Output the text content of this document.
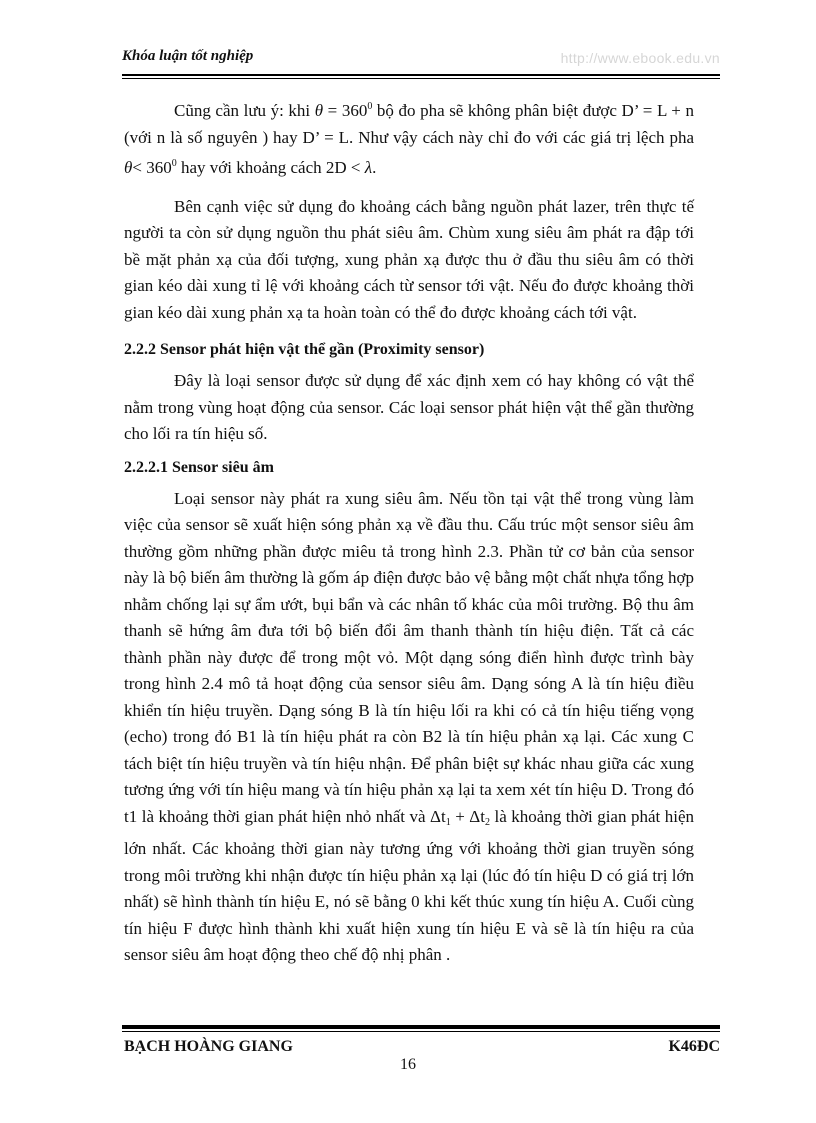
Khóa luận tốt nghiệp	http://www.ebook.edu.vn

Cũng cần lưu ý: khi $\theta = 360^0$ bộ đo pha sẽ không phân biệt được D’ = L + n (với n là số nguyên ) hay D’ = L. Như vậy cách này chỉ đo với các giá trị lệch pha $\theta< 360^0$ hay với khoảng cách 2D < λ.

Bên cạnh việc sử dụng đo khoảng cách bằng nguồn phát lazer, trên thực tế người ta còn sử dụng nguồn thu phát siêu âm. Chùm xung siêu âm phát ra đập tới bề mặt phản xạ của đối tượng, xung phản xạ được thu ở đầu thu siêu âm có thời gian kéo dài xung tỉ lệ với khoảng cách từ sensor tới vật. Nếu đo được khoảng thời gian kéo dài xung phản xạ ta hoàn toàn có thể đo được khoảng cách tới vật.

2.2.2 Sensor phát hiện vật thể gần (Proximity sensor)

Đây là loại sensor được sử dụng để xác định xem có hay không có vật thể nằm trong vùng hoạt động của sensor. Các loại sensor phát hiện vật thể gần thường cho lối ra tín hiệu số.

2.2.2.1 Sensor siêu âm

Loại sensor này phát ra xung siêu âm. Nếu tồn tại vật thể trong vùng làm việc của sensor sẽ xuất hiện sóng phản xạ về đầu thu. Cấu trúc một sensor siêu âm thường gồm những phần được miêu tả trong hình 2.3. Phần tử cơ bản của sensor này là bộ biến âm thường là gốm áp điện được bảo vệ bằng một chất nhựa tổng hợp nhằm chống lại sự ẩm ướt, bụi bẩn và các nhân tố khác của môi trường. Bộ thu âm thanh sẽ hứng âm đưa tới bộ biến đổi âm thanh thành tín hiệu điện. Tất cả các thành phần này được để trong một vỏ. Một dạng sóng điển hình được trình bày trong hình 2.4 mô tả hoạt động của sensor siêu âm. Dạng sóng A là tín hiệu điều khiển tín hiệu truyền. Dạng sóng B là tín hiệu lối ra khi có cả tín hiệu tiếng vọng (echo) trong đó B1 là tín hiệu phát ra còn B2 là tín hiệu phản xạ lại. Các xung C tách biệt tín hiệu truyền và tín hiệu nhận. Để phân biệt sự khác nhau giữa các xung tương ứng với tín hiệu mang và tín hiệu phản xạ lại ta xem xét tín hiệu D. Trong đó t1 là khoảng thời gian phát hiện nhỏ nhất và $\Delta t_1 + \Delta t_2$ là khoảng thời gian phát hiện lớn nhất. Các khoảng thời gian này tương ứng với khoảng thời gian truyền sóng trong môi trường khi nhận được tín hiệu phản xạ lại (lúc đó tín hiệu D có giá trị lớn nhất) sẽ hình thành tín hiệu E, nó sẽ bằng 0 khi kết thúc xung tín hiệu A. Cuối cùng tín hiệu F được hình thành khi xuất hiện xung tín hiệu E và sẽ là tín hiệu ra của sensor siêu âm hoạt động theo chế độ nhị phân .

BẠCH HOÀNG GIANG	K46ĐC
16
